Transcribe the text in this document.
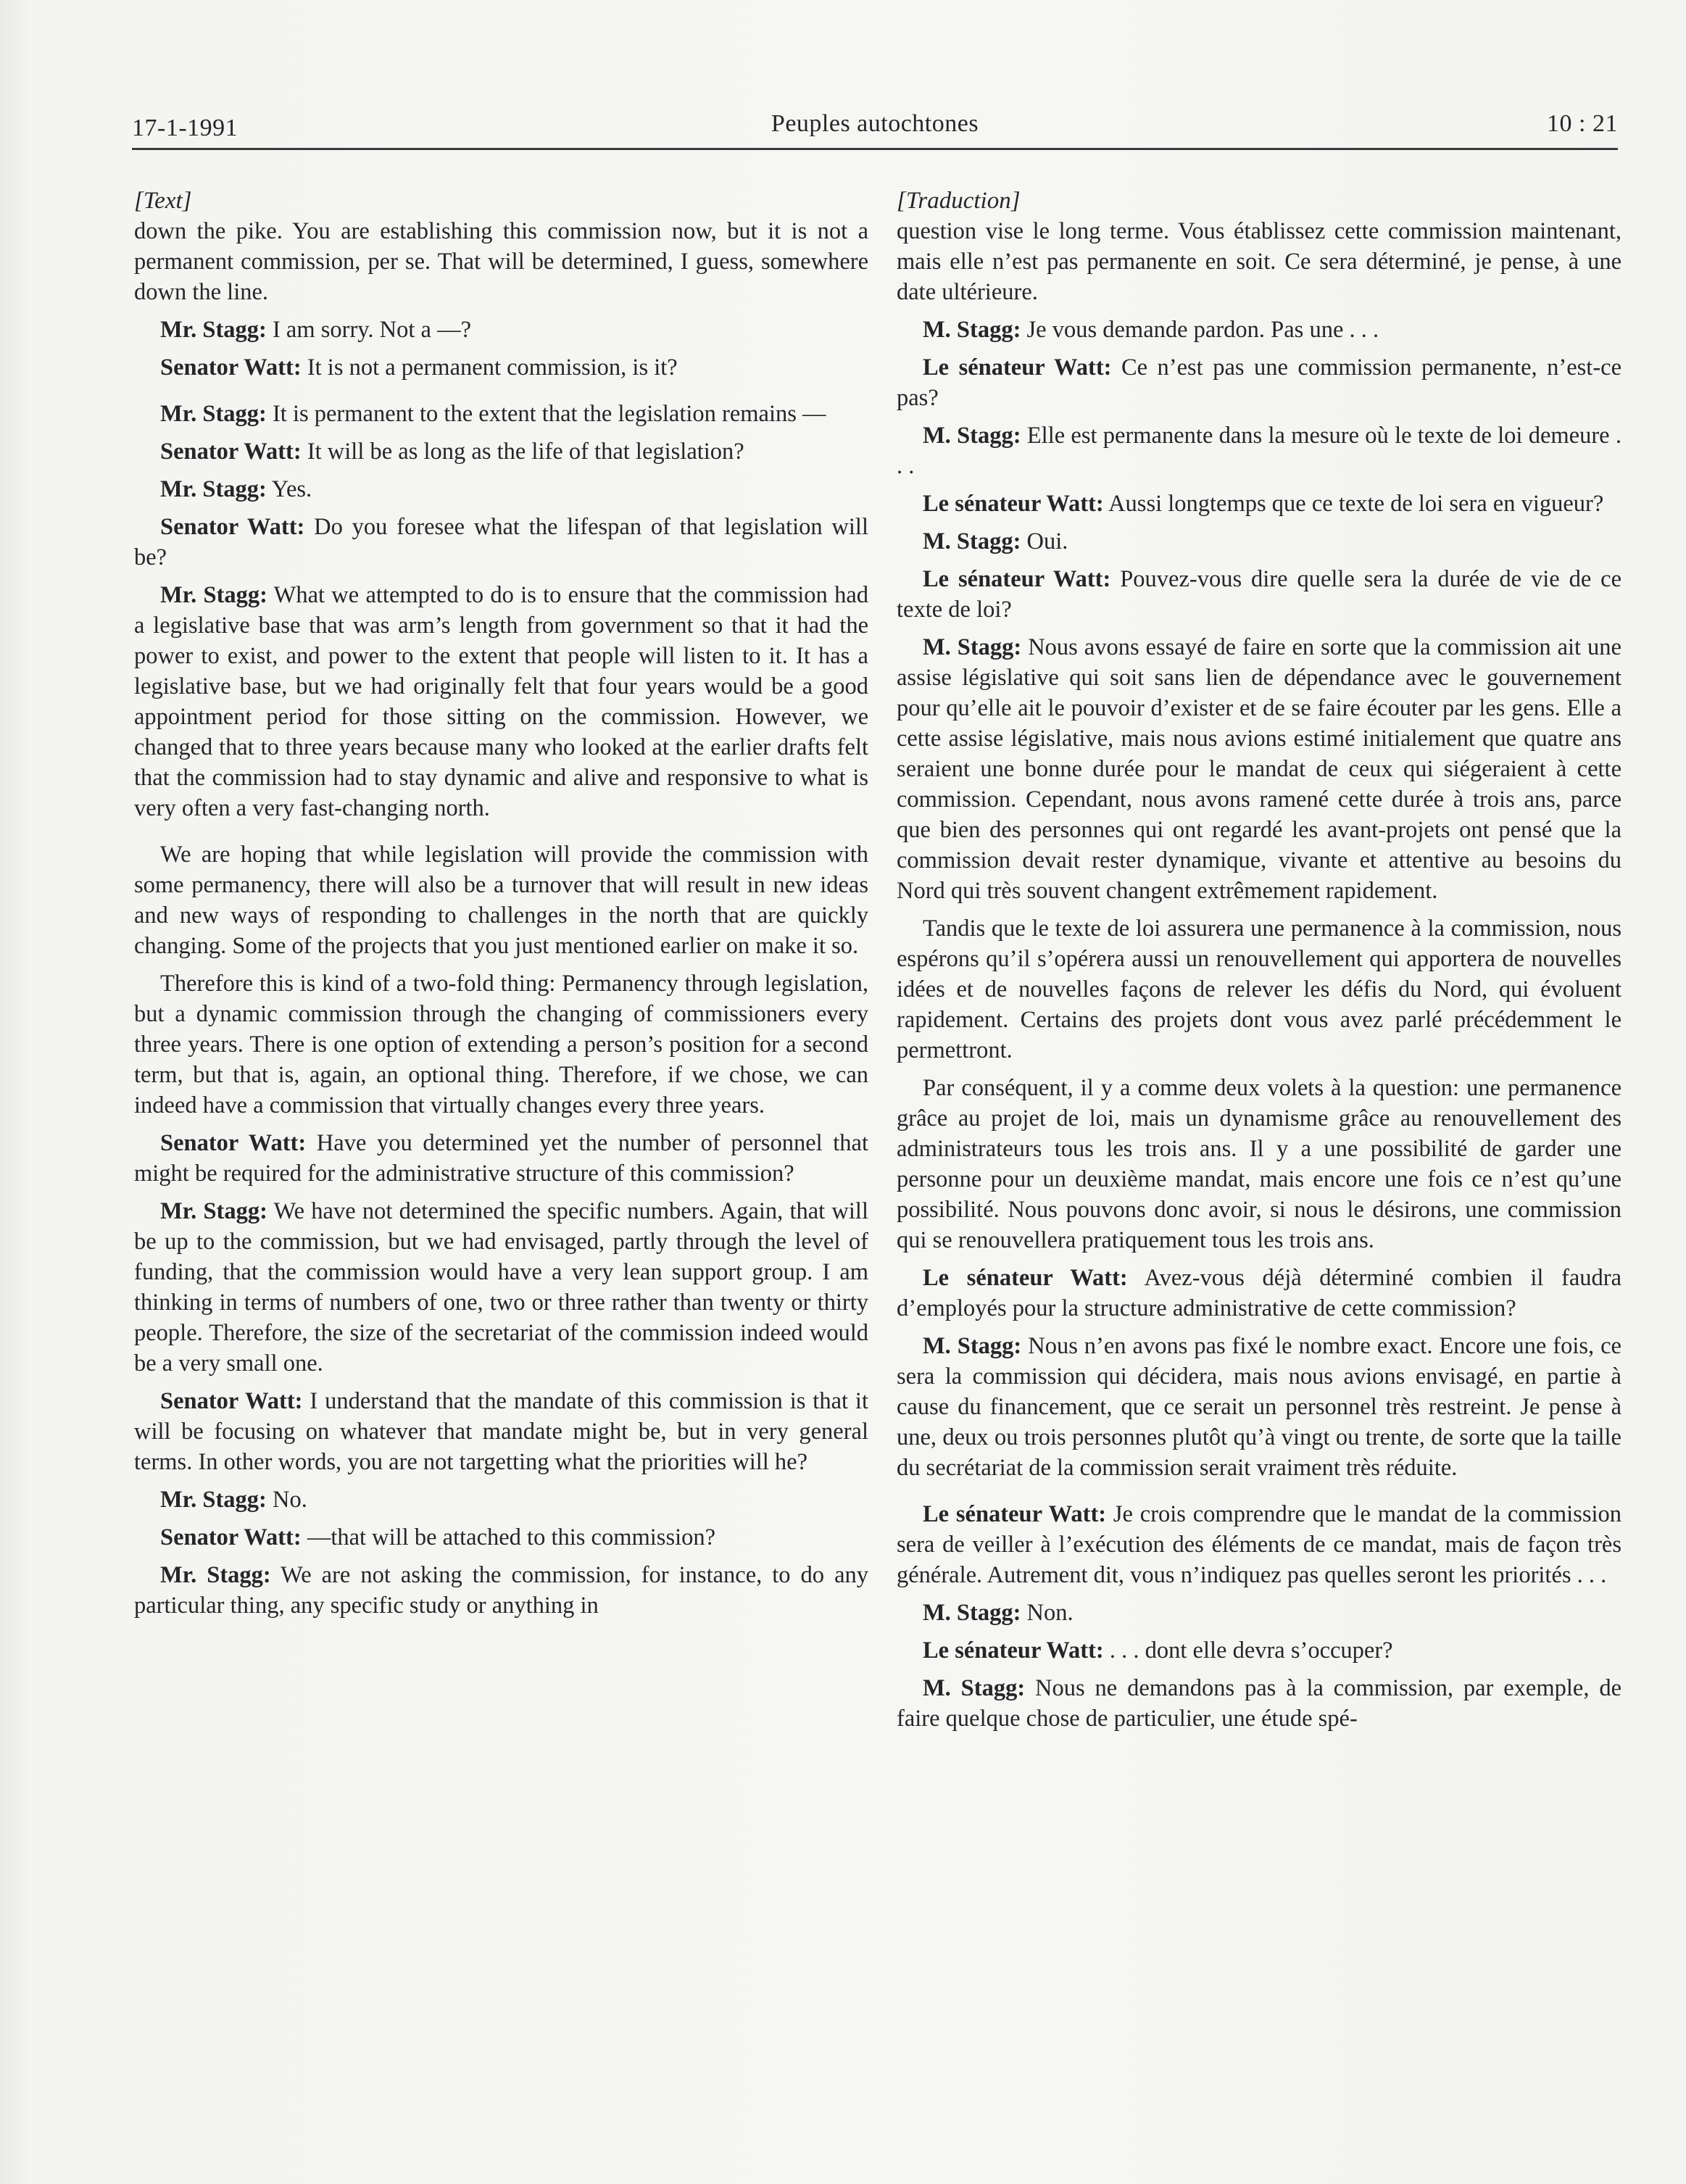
17-1-1991	Peuples autochtones	10 : 21
[Text]

down the pike. You are establishing this commission now, but it is not a permanent commission, per se. That will be determined, I guess, somewhere down the line.

Mr. Stagg: I am sorry. Not a —?

Senator Watt: It is not a permanent commission, is it?

Mr. Stagg: It is permanent to the extent that the legislation remains —

Senator Watt: It will be as long as the life of that legislation?

Mr. Stagg: Yes.

Senator Watt: Do you foresee what the lifespan of that legislation will be?

Mr. Stagg: What we attempted to do is to ensure that the commission had a legislative base that was arm’s length from government so that it had the power to exist, and power to the extent that people will listen to it. It has a legislative base, but we had originally felt that four years would be a good appointment period for those sitting on the commission. However, we changed that to three years because many who looked at the earlier drafts felt that the commission had to stay dynamic and alive and responsive to what is very often a very fast-changing north.

We are hoping that while legislation will provide the commission with some permanency, there will also be a turnover that will result in new ideas and new ways of responding to challenges in the north that are quickly changing. Some of the projects that you just mentioned earlier on make it so.

Therefore this is kind of a two-fold thing: Permanency through legislation, but a dynamic commission through the changing of commissioners every three years. There is one option of extending a person’s position for a second term, but that is, again, an optional thing. Therefore, if we chose, we can indeed have a commission that virtually changes every three years.

Senator Watt: Have you determined yet the number of personnel that might be required for the administrative structure of this commission?

Mr. Stagg: We have not determined the specific numbers. Again, that will be up to the commission, but we had envisaged, partly through the level of funding, that the commission would have a very lean support group. I am thinking in terms of numbers of one, two or three rather than twenty or thirty people. Therefore, the size of the secretariat of the commission indeed would be a very small one.

Senator Watt: I understand that the mandate of this commission is that it will be focusing on whatever that mandate might be, but in very general terms. In other words, you are not targetting what the priorities will he?

Mr. Stagg: No.

Senator Watt: —that will be attached to this commission?

Mr. Stagg: We are not asking the commission, for instance, to do any particular thing, any specific study or anything in

[Traduction]

question vise le long terme. Vous établissez cette commission maintenant, mais elle n’est pas permanente en soit. Ce sera déterminé, je pense, à une date ultérieure.

M. Stagg: Je vous demande pardon. Pas une . . .

Le sénateur Watt: Ce n’est pas une commission permanente, n’est-ce pas?

M. Stagg: Elle est permanente dans la mesure où le texte de loi demeure . . .

Le sénateur Watt: Aussi longtemps que ce texte de loi sera en vigueur?

M. Stagg: Oui.

Le sénateur Watt: Pouvez-vous dire quelle sera la durée de vie de ce texte de loi?

M. Stagg: Nous avons essayé de faire en sorte que la commission ait une assise législative qui soit sans lien de dépendance avec le gouvernement pour qu’elle ait le pouvoir d’exister et de se faire écouter par les gens. Elle a cette assise législative, mais nous avions estimé initialement que quatre ans seraient une bonne durée pour le mandat de ceux qui siégeraient à cette commission. Cependant, nous avons ramené cette durée à trois ans, parce que bien des personnes qui ont regardé les avant-projets ont pensé que la commission devait rester dynamique, vivante et attentive au besoins du Nord qui très souvent changent extrêmement rapidement.

Tandis que le texte de loi assurera une permanence à la commission, nous espérons qu’il s’opérera aussi un renouvellement qui apportera de nouvelles idées et de nouvelles façons de relever les défis du Nord, qui évoluent rapidement. Certains des projets dont vous avez parlé précédemment le permettront.

Par conséquent, il y a comme deux volets à la question: une permanence grâce au projet de loi, mais un dynamisme grâce au renouvellement des administrateurs tous les trois ans. Il y a une possibilité de garder une personne pour un deuxième mandat, mais encore une fois ce n’est qu’une possibilité. Nous pouvons donc avoir, si nous le désirons, une commission qui se renouvellera pratiquement tous les trois ans.

Le sénateur Watt: Avez-vous déjà déterminé combien il faudra d’employés pour la structure administrative de cette commission?

M. Stagg: Nous n’en avons pas fixé le nombre exact. Encore une fois, ce sera la commission qui décidera, mais nous avions envisagé, en partie à cause du financement, que ce serait un personnel très restreint. Je pense à une, deux ou trois personnes plutôt qu’à vingt ou trente, de sorte que la taille du secrétariat de la commission serait vraiment très réduite.

Le sénateur Watt: Je crois comprendre que le mandat de la commission sera de veiller à l’exécution des éléments de ce mandat, mais de façon très générale. Autrement dit, vous n’indiquez pas quelles seront les priorités . . .

M. Stagg: Non.

Le sénateur Watt: . . . dont elle devra s’occuper?

M. Stagg: Nous ne demandons pas à la commission, par exemple, de faire quelque chose de particulier, une étude spé-
